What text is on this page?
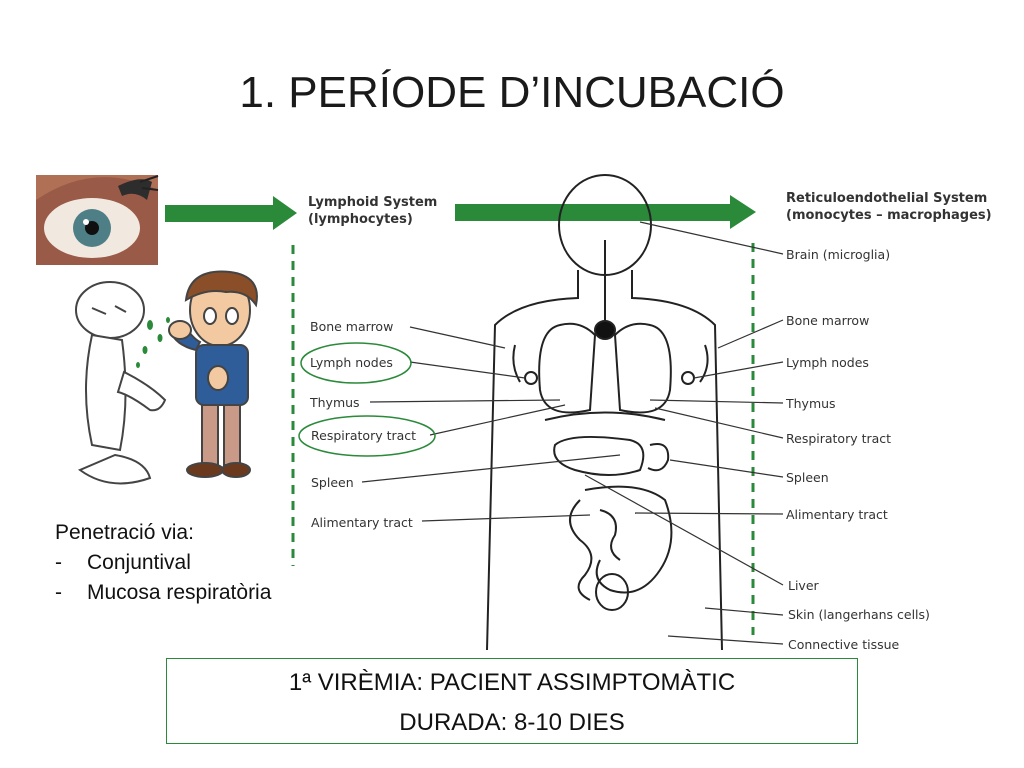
1. PERÍODE D’INCUBACIÓ
Lymphoid System
(lymphocytes)
Reticuloendothelial System
(monocytes – macrophages)
Bone marrow
Lymph nodes
Thymus
Respiratory tract
Spleen
Alimentary tract
Brain (microglia)
Bone marrow
Lymph nodes
Thymus
Respiratory tract
Spleen
Alimentary tract
Liver
Skin (langerhans cells)
Connective tissue
Penetració via:
- Conjuntival
- Mucosa respiratòria
1ª VIRÈMIA: PACIENT ASSIMPTOMÀTIC
DURADA: 8-10 DIES
